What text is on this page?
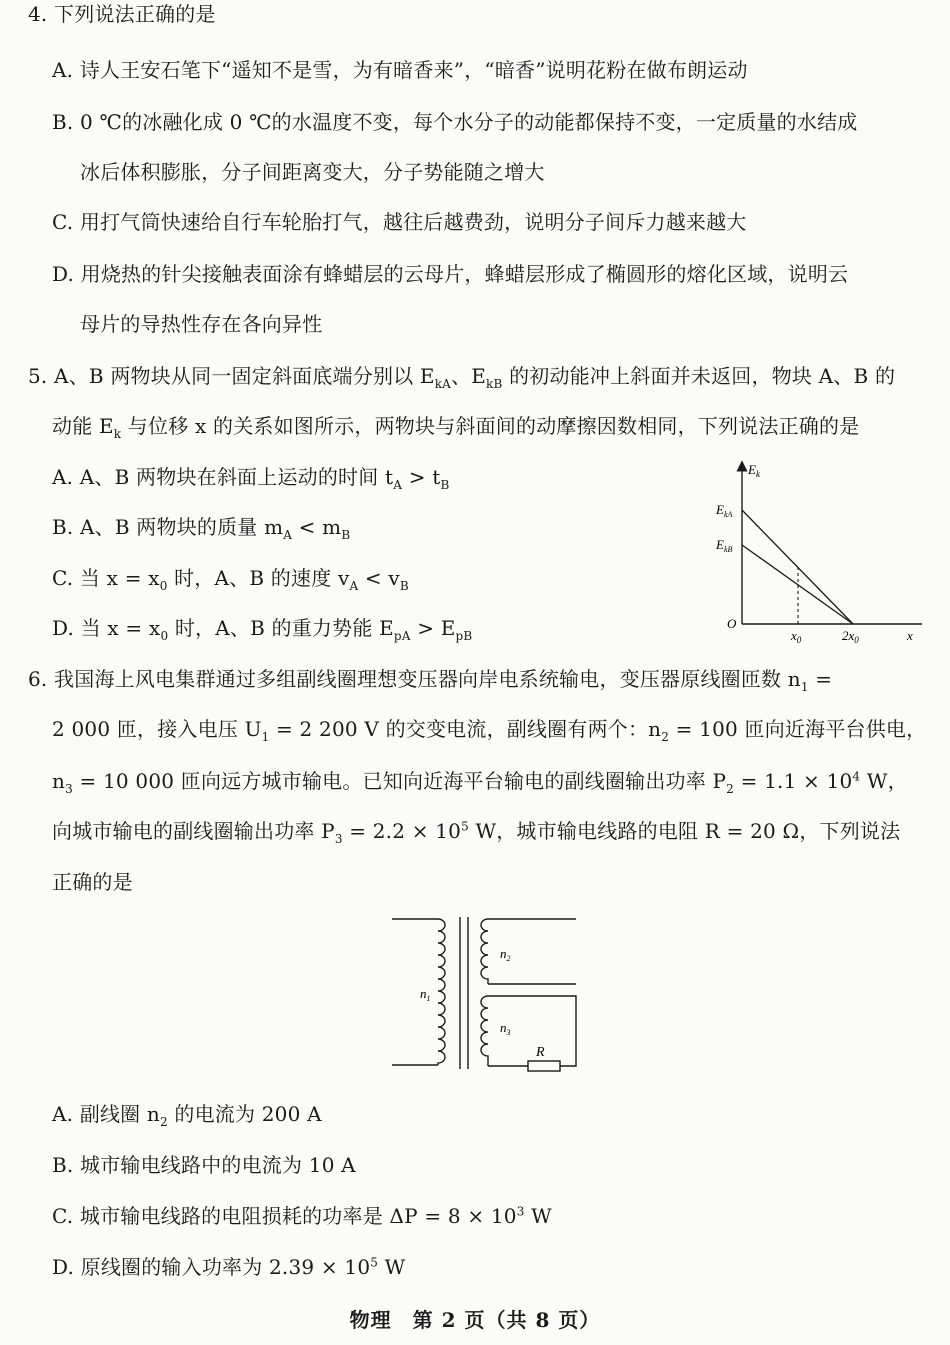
4. 下列说法正确的是
A. 诗人王安石笔下“遥知不是雪，为有暗香来”，“暗香”说明花粉在做布朗运动
B. 0 ℃的冰融化成 0 ℃的水温度不变，每个水分子的动能都保持不变，一定质量的水结成
冰后体积膨胀，分子间距离变大，分子势能随之增大
C. 用打气筒快速给自行车轮胎打气，越往后越费劲，说明分子间斥力越来越大
D. 用烧热的针尖接触表面涂有蜂蜡层的云母片，蜂蜡层形成了椭圆形的熔化区域，说明云
母片的导热性存在各向异性
5. A、B 两物块从同一固定斜面底端分别以 $E_{kA}$、$E_{kB}$ 的初动能冲上斜面并未返回，物块 A、B 的
动能 $E_k$ 与位移 x 的关系如图所示，两物块与斜面间的动摩擦因数相同，下列说法正确的是
A. A、B 两物块在斜面上运动的时间 $t_A > t_B$
B. A、B 两物块的质量 $m_A < m_B$
C. 当 $x = x_0$ 时，A、B 的速度 $v_A < v_B$
D. 当 $x = x_0$ 时，A、B 的重力势能 $E_{pA} > E_{pB}$
$E_k$
$E_{kA}$
$E_{kB}$
O
$x_0$	$2x_0$	x
6. 我国海上风电集群通过多组副线圈理想变压器向岸电系统输电，变压器原线圈匝数 $n_1$ =
2 000 匝，接入电压 $U_1 = 2$ 200 V 的交变电流，副线圈有两个：$n_2 = 100$ 匝向近海平台供电，
$n_3 = 10$ 000 匝向远方城市输电。已知向近海平台输电的副线圈输出功率 $P_2 = 1.1 \times 10^4$ W，
向城市输电的副线圈输出功率 $P_3 = 2.2 \times 10^5$ W，城市输电线路的电阻 R = 20 Ω，下列说法
正确的是
$n_1$
$n_2$
$n_3$
R
A. 副线圈 $n_2$ 的电流为 200 A
B. 城市输电线路中的电流为 10 A
C. 城市输电线路的电阻损耗的功率是 $\Delta P = 8 \times 10^3$ W
D. 原线圈的输入功率为 $2.39 \times 10^5$ W
物理　第 2 页（共 8 页）
